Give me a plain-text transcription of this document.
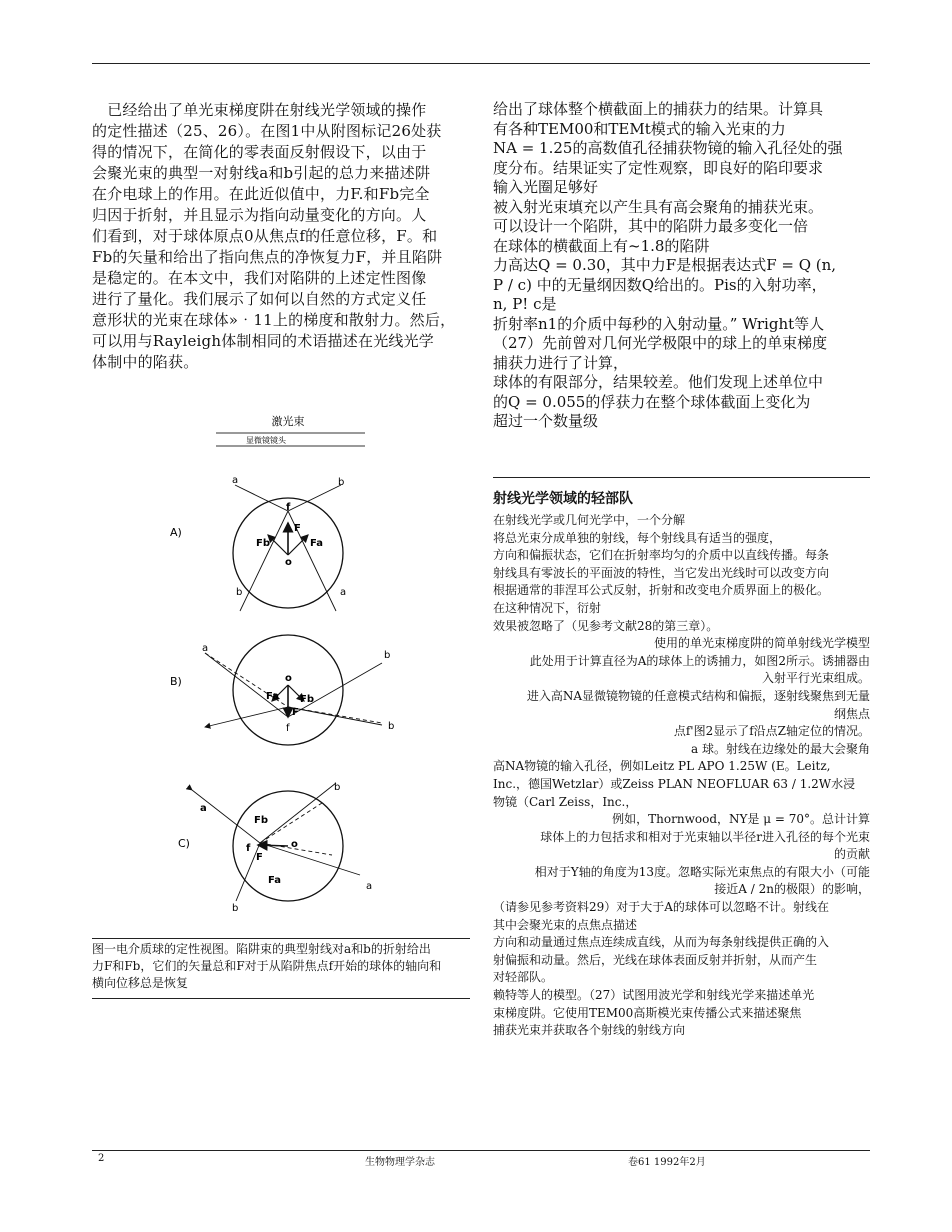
　已经给出了单光束梯度阱在射线光学领域的操作
的定性描述（25、26）。在图1中从附图标记26处获
得的情况下，在简化的零表面反射假设下，以由于
会聚光束的典型一对射线a和b引起的总力来描述阱
在介电球上的作用。在此近似值中，力F.和Fb完全
归因于折射，并且显示为指向动量变化的方向。人
们看到，对于球体原点0从焦点f的任意位移，F。和
Fb的矢量和给出了指向焦点的净恢复力F，并且陷阱
是稳定的。在本文中，我们对陷阱的上述定性图像
进行了量化。我们展示了如何以自然的方式定义任
意形状的光束在球体»‧11上的梯度和散射力。然后，
可以用与Rayleigh体制相同的术语描述在光线光学
体制中的陷获。
激光束
显微镜镜头
A)
a	b
f
F
Fb	Fa
o
b	a
B)
a
b
o
Fa Fb
F
f	b
C)
a
b
Fb
f
F
o
Fa
a
b
图一电介质球的定性视图。陷阱束的典型射线对a和b的折射给出
力F和Fb，它们的矢量总和F对于从陷阱焦点f开始的球体的轴向和
横向位移总是恢复
给出了球体整个横截面上的捕获力的结果。计算具
有各种TEM00和TEMt模式的输入光束的力
NA = 1.25的高数值孔径捕获物镜的输入孔径处的强
度分布。结果证实了定性观察，即良好的陷印要求
输入光圈足够好
被入射光束填充以产生具有高会聚角的捕获光束。
可以设计一个陷阱，其中的陷阱力最多变化一倍
在球体的横截面上有~1.8的陷阱
力高达Q = 0.30，其中力F是根据表达式F = Q (n,
P / c) 中的无量纲因数Q给出的。Pis的入射功率，
n, P! c是
折射率n1的介质中每秒的入射动量。” Wright等人
（27）先前曾对几何光学极限中的球上的单束梯度
捕获力进行了计算，
球体的有限部分，结果较差。他们发现上述单位中
的Q = 0.055的俘获力在整个球体截面上变化为
超过一个数量级
射线光学领域的轻部队
在射线光学或几何光学中，一个分解
将总光束分成单独的射线，每个射线具有适当的强度，
方向和偏振状态，它们在折射率均匀的介质中以直线传播。每条
射线具有零波长的平面波的特性，当它发出光线时可以改变方向
根据通常的菲涅耳公式反射，折射和改变电介质界面上的极化。
在这种情况下，衍射
效果被忽略了（见参考文献28的第三章）。
使用的单光束梯度阱的简单射线光学模型
此处用于计算直径为A的球体上的诱捕力，如图2所示。诱捕器由
入射平行光束组成。
进入高NA显微镜物镜的任意模式结构和偏振，逐射线聚焦到无量
纲焦点
点f'图2显示了f沿点Z轴定位的情况。
a 球。射线在边缘处的最大会聚角
高NA物镜的输入孔径，例如Leitz PL APO 1.25W (E。Leitz,
Inc.，德国Wetzlar）或Zeiss PLAN NEOFLUAR 63 / 1.2W水浸
物镜（Carl Zeiss，Inc.，
例如，Thornwood，NY是 μ = 70°。总计计算
球体上的力包括求和相对于光束轴以半径r进入孔径的每个光束
的贡献
相对于Y轴的角度为13度。忽略实际光束焦点的有限大小（可能
接近A / 2n的极限）的影响，
（请参见参考资料29）对于大于A的球体可以忽略不计。射线在
其中会聚光束的点焦点描述
方向和动量通过焦点连续成直线，从而为每条射线提供正确的入
射偏振和动量。然后，光线在球体表面反射并折射，从而产生
对轻部队。
赖特等人的模型。（27）试图用波光学和射线光学来描述单光
束梯度阱。它使用TEM00高斯模光束传播公式来描述聚焦
捕获光束并获取各个射线的射线方向
2	生物物理学杂志	卷61 1992年2月
